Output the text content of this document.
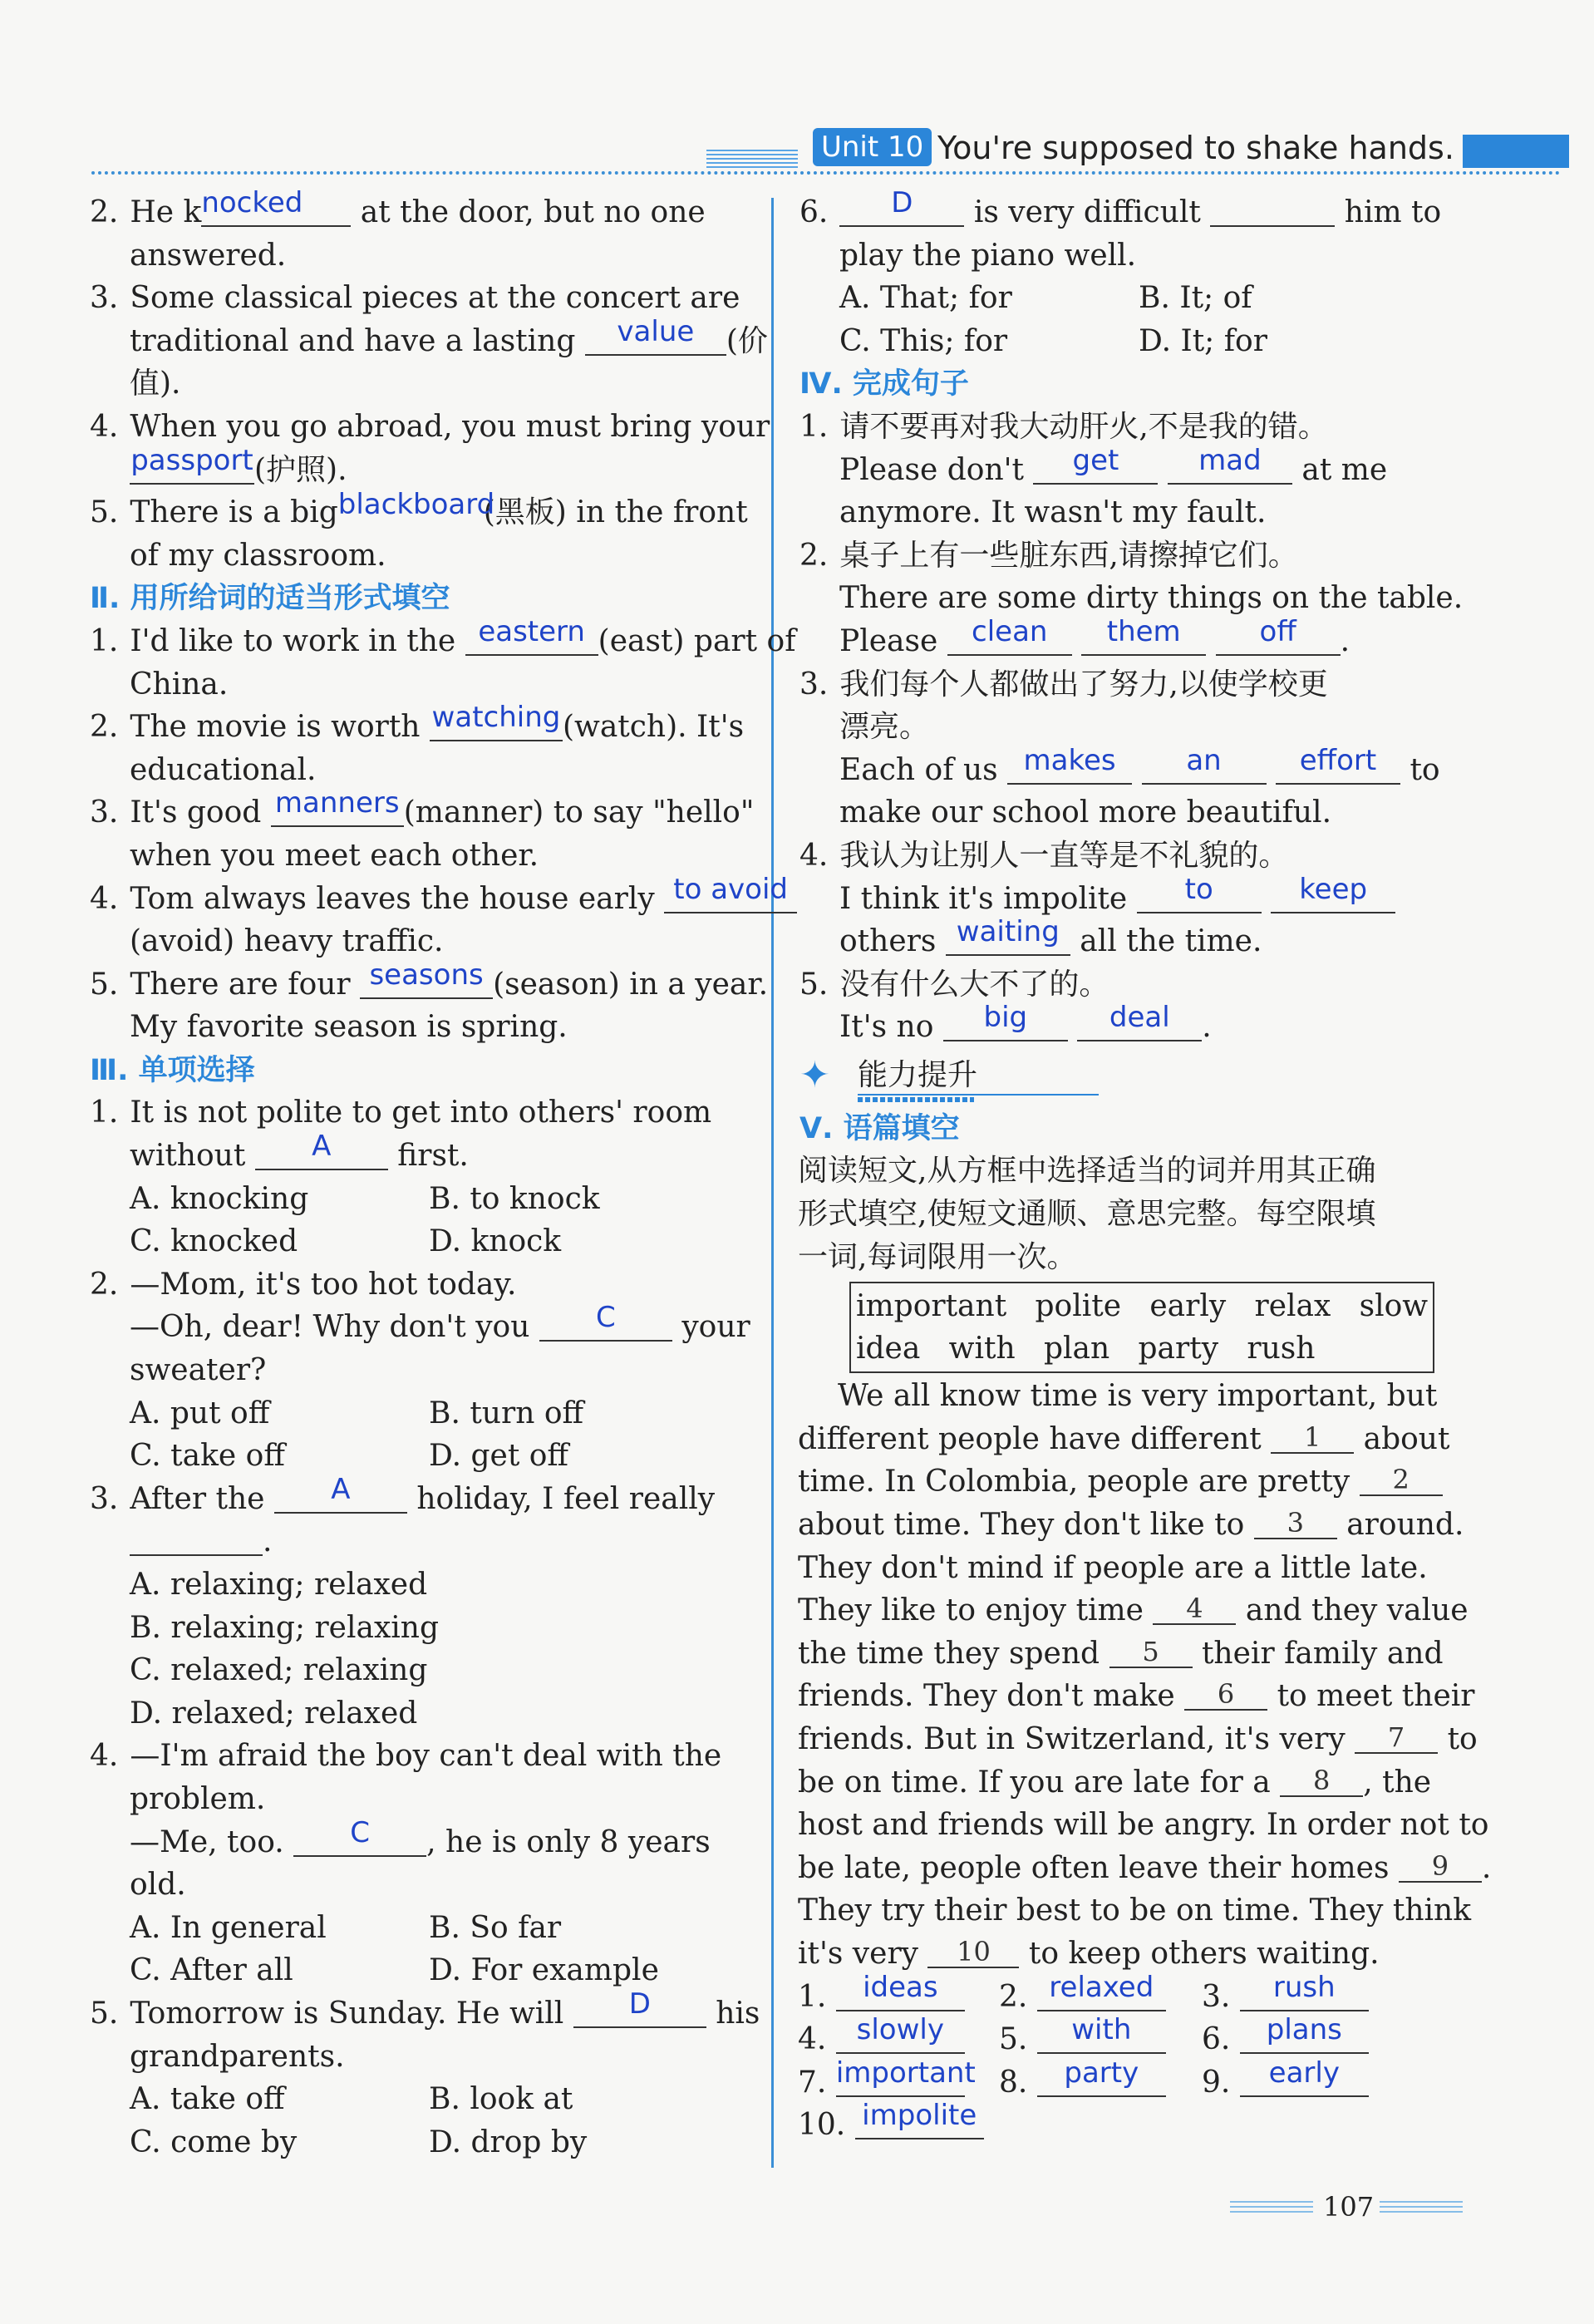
Unit 10 You're supposed to shake hands.
2. He k nocked	at the door, but no one
answered.
3. Some classical pieces at the concert are
traditional and have a lasting	value	(价
值).
4. When you go abroad, you must bring your
passport (护照).
5. There is a big blackboard
(黑板) in the front
of my classroom.
Ⅱ. 用所给词的适当形式填空
1. I'd like to work in the eastern (east) part of
China.
2. The movie is worth watching (watch). It's
educational.
3. It's good manners (manner) to say "hello"
when you meet each other.
4. Tom always leaves the house early to avoid
(avoid) heavy traffic.
5. There are four seasons (season) in a year.
My favorite season is spring.
Ⅲ. 单项选择
1. It is not polite to get into others' room
without	A	first.
A. knocking	B. to knock
C. knocked	D. knock
2. —Mom, it's too hot today.
—Oh, dear! Why don't you	C	your
sweater?
A. put off	B. turn off
C. take off	D. get off
3. After the	A	holiday, I feel really
.
A. relaxing; relaxed
B. relaxing; relaxing
C. relaxed; relaxing
D. relaxed; relaxed
4. —I'm afraid the boy can't deal with the
problem.
—Me, too.	C	, he is only 8 years
old.
A. In general	B. So far
C. After all	D. For example
5. Tomorrow is Sunday. He will	D	his
grandparents.
A. take off	B. look at
C. come by	D. drop by
6.	D	is very difficult	him to
play the piano well.
A. That; for	B. It; of
C. This; for	D. It; for
Ⅳ. 完成句子
1. 请不要再对我大动肝火,不是我的错。
Please don't	get
	mad	at me
anymore. It wasn't my fault.
2. 桌子上有一些脏东西,请擦掉它们。
There are some dirty things on the table.
Please	clean
	them
	off	.
3. 我们每个人都做出了努力,以使学校更
漂亮。
Each of us makes
	an
	effort	to
make our school more beautiful.
4. 我认为让别人一直等是不礼貌的。
I think it's impolite	to
	keep
others waiting all the time.
5. 没有什么大不了的。
It's no	big
	deal	.
✦ 能力提升
Ⅴ. 语篇填空
阅读短文,从方框中选择适当的词并用其正确
形式填空,使短文通顺、意思完整。每空限填
一词,每词限用一次。
important   polite   early   relax   slow
idea   with   plan   party   rush
We all know time is very important, but
different people have different	1	about
time. In Colombia, people are pretty	2
about time. They don't like to	3	around.
They don't mind if people are a little late.
They like to enjoy time	4	and they value
the time they spend	5	their family and
friends. They don't make	6	to meet their
friends. But in Switzerland, it's very	7	to
be on time. If you are late for a	8	, the
host and friends will be angry. In order not to
be late, people often leave their homes	9	.
They try their best to be on time. They think
it's very	10	to keep others waiting.
1.	ideas	2. relaxed	3.	rush
4.	slowly	5.	with	6.	plans
7. important 8.	party	9.	early
10. impolite
107
